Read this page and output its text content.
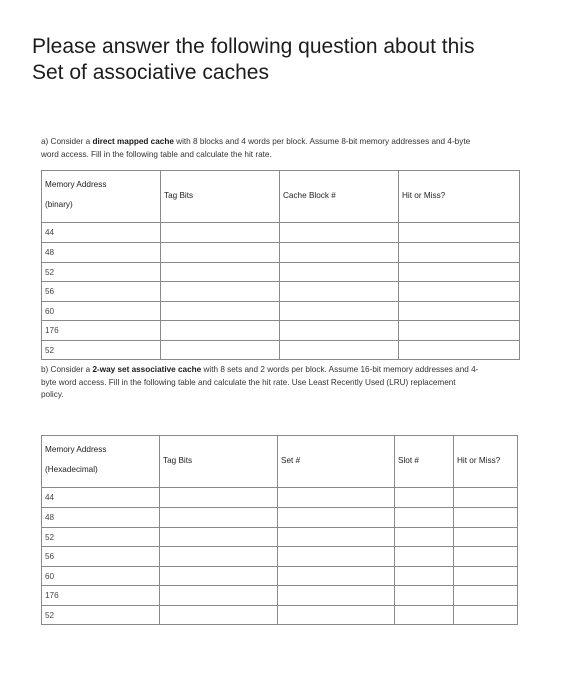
Please answer the following question about this
Set of associative caches
a) Consider a direct mapped cache with 8 blocks and 4 words per block. Assume 8-bit memory addresses and 4-byte
word access. Fill in the following table and calculate the hit rate.
Memory Address
(binary)	Tag Bits	Cache Block #	Hit or Miss?

44			
48			
52			
56			
60			
176			
52			
b) Consider a 2-way set associative cache with 8 sets and 2 words per block. Assume 16-bit memory addresses and 4-
byte word access. Fill in the following table and calculate the hit rate. Use Least Recently Used (LRU) replacement
policy.
Memory Address
(Hexadecimal)	Tag Bits	Set #	Slot #	Hit or Miss?

44				
48				
52				
56				
60				
176				
52				
